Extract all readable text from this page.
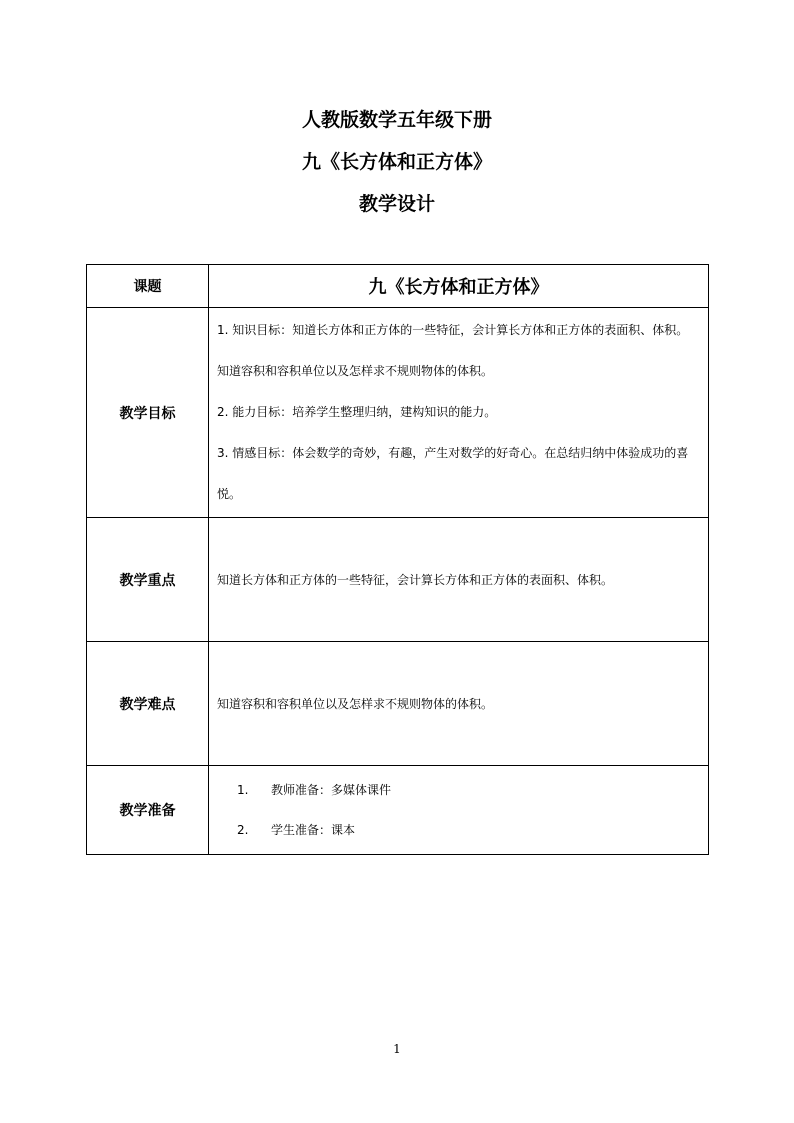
人教版数学五年级下册
九《长方体和正方体》
教学设计
课题	九《长方体和正方体》
教学目标	1. 知识目标：知道长方体和正方体的一些特征，会计算长方体和正方体的表面积、体积。知道容积和容积单位以及怎样求不规则物体的体积。

2. 能力目标：培养学生整理归纳，建构知识的能力。

3. 情感目标：体会数学的奇妙，有趣，产生对数学的好奇心。在总结归纳中体验成功的喜悦。

教学重点	知道长方体和正方体的一些特征，会计算长方体和正方体的表面积、体积。

教学难点	知道容积和容积单位以及怎样求不规则物体的体积。

教学准备	1. 教师准备：多媒体课件
2. 学生准备：课本
1
